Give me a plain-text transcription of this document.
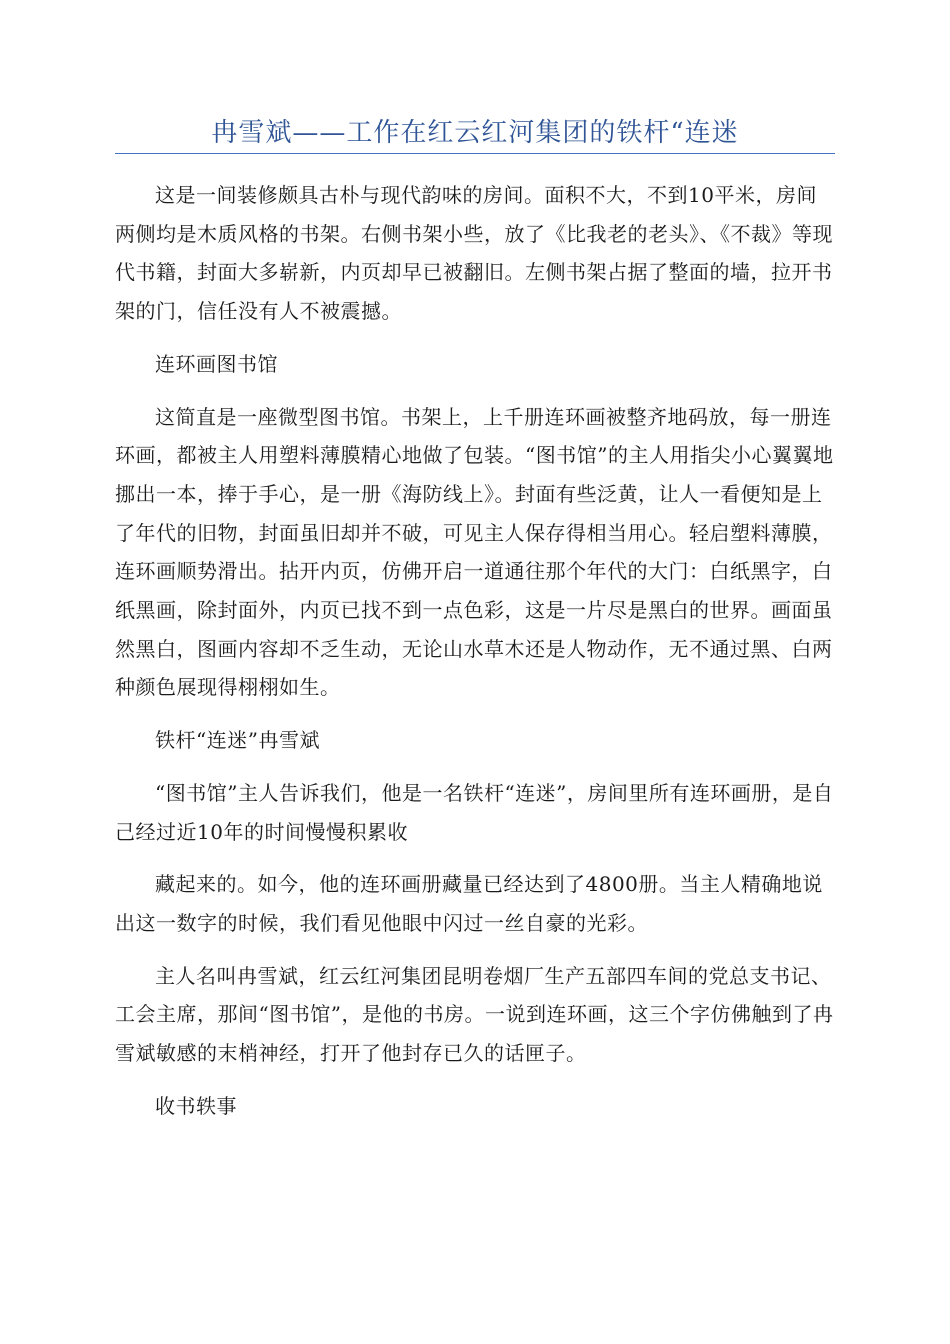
冉雪斌——工作在红云红河集团的铁杆“连迷

这是一间装修颇具古朴与现代韵味的房间。面积不大，不到10平米，房间两侧均是木质风格的书架。右侧书架小些，放了《比我老的老头》、《不裁》等现代书籍，封面大多崭新，内页却早已被翻旧。左侧书架占据了整面的墙，拉开书架的门，信任没有人不被震撼。

连环画图书馆

这简直是一座微型图书馆。书架上，上千册连环画被整齐地码放，每一册连环画，都被主人用塑料薄膜精心地做了包装。“图书馆”的主人用指尖小心翼翼地挪出一本，捧于手心，是一册《海防线上》。封面有些泛黄，让人一看便知是上了年代的旧物，封面虽旧却并不破，可见主人保存得相当用心。轻启塑料薄膜，连环画顺势滑出。拈开内页，仿佛开启一道通往那个年代的大门：白纸黑字，白纸黑画，除封面外，内页已找不到一点色彩，这是一片尽是黑白的世界。画面虽然黑白，图画内容却不乏生动，无论山水草木还是人物动作，无不通过黑、白两种颜色展现得栩栩如生。

铁杆“连迷”冉雪斌

“图书馆”主人告诉我们，他是一名铁杆“连迷”，房间里所有连环画册，是自己经过近10年的时间慢慢积累收

藏起来的。如今，他的连环画册藏量已经达到了4800册。当主人精确地说出这一数字的时候，我们看见他眼中闪过一丝自豪的光彩。

主人名叫冉雪斌，红云红河集团昆明卷烟厂生产五部四车间的党总支书记、工会主席，那间“图书馆”，是他的书房。一说到连环画，这三个字仿佛触到了冉雪斌敏感的末梢神经，打开了他封存已久的话匣子。

收书轶事
